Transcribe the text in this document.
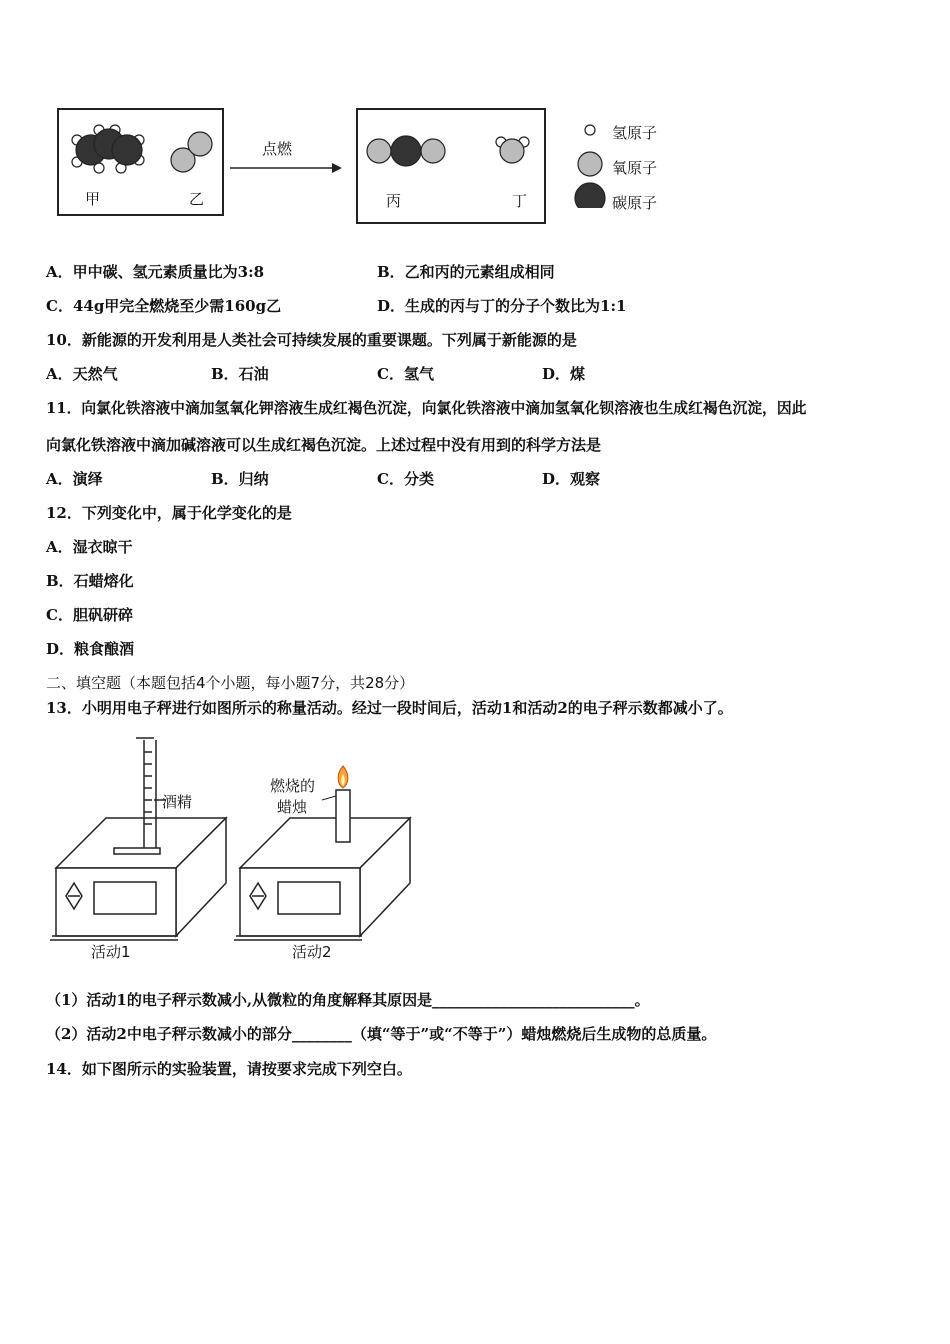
甲	乙
点燃
丙	丁
氢原子
氧原子
碳原子
A．甲中碳、氢元素质量比为3:8	B．乙和丙的元素组成相同
C．44g甲完全燃烧至少需160g乙	D．生成的丙与丁的分子个数比为1:1
10．新能源的开发利用是人类社会可持续发展的重要课题。下列属于新能源的是
A．天然气	B．石油	C．氢气	D．煤
11．向氯化铁溶液中滴加氢氧化钾溶液生成红褐色沉淀，向氯化铁溶液中滴加氢氧化钡溶液也生成红褐色沉淀，因此
向氯化铁溶液中滴加碱溶液可以生成红褐色沉淀。上述过程中没有用到的科学方法是
A．演绎	B．归纳	C．分类	D．观察
12．下列变化中，属于化学变化的是
A．湿衣晾干
B．石蜡熔化
C．胆矾研碎
D．粮食酿酒
二、填空题（本题包括4个小题，每小题7分，共28分）
13．小明用电子秤进行如图所示的称量活动。经过一段时间后，活动1和活动2的电子秤示数都减小了。
酒精
燃烧的
蜡烛
活动1	活动2
（1）活动1的电子秤示数减小,从微粒的角度解释其原因是___________________________。
（2）活动2中电子秤示数减小的部分________（填“等于”或“不等于”）蜡烛燃烧后生成物的总质量。
14．如下图所示的实验装置，请按要求完成下列空白。
